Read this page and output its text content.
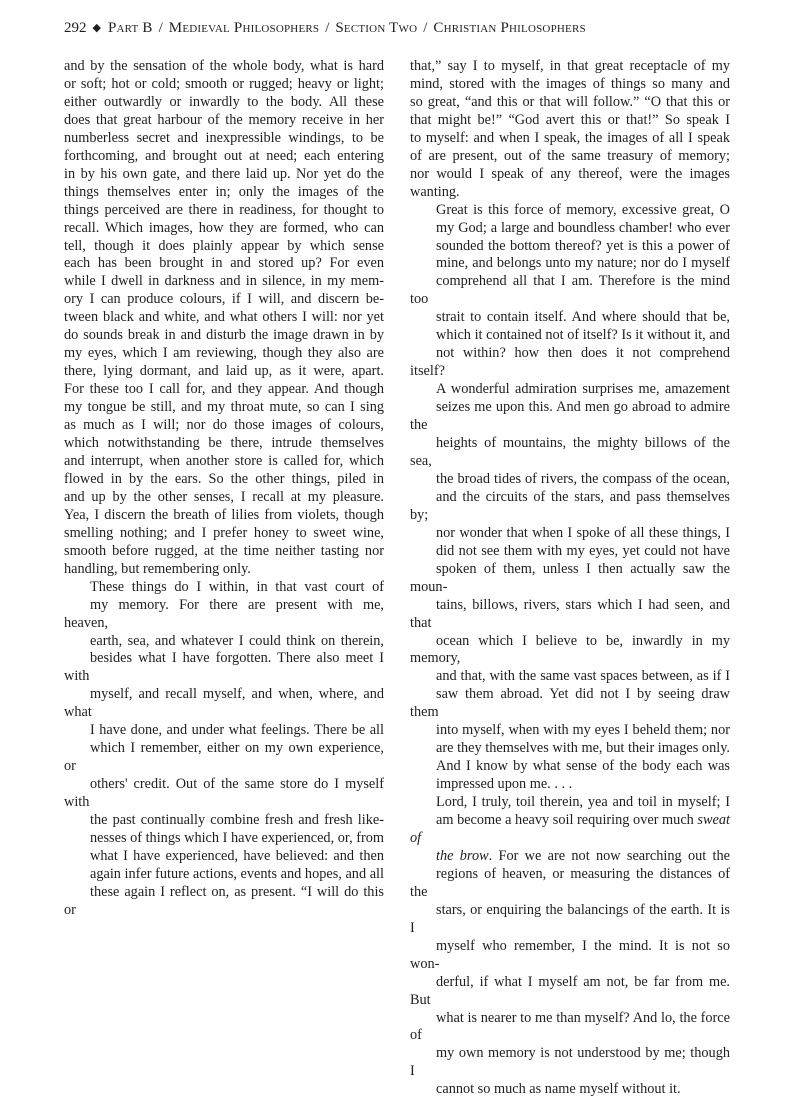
292 ◆ Part B / Medieval Philosophers / Section Two / Christian Philosophers

and by the sensation of the whole body, what is hard
or soft; hot or cold; smooth or rugged; heavy or light;
either outwardly or inwardly to the body. All these
does that great harbour of the memory receive in her
numberless secret and inexpressible windings, to be
forthcoming, and brought out at need; each entering
in by his own gate, and there laid up. Nor yet do the
things themselves enter in; only the images of the
things perceived are there in readiness, for thought to
recall. Which images, how they are formed, who can
tell, though it does plainly appear by which sense
each has been brought in and stored up? For even
while I dwell in darkness and in silence, in my mem-
ory I can produce colours, if I will, and discern be-
tween black and white, and what others I will: nor yet
do sounds break in and disturb the image drawn in by
my eyes, which I am reviewing, though they also are
there, lying dormant, and laid up, as it were, apart.
For these too I call for, and they appear. And though
my tongue be still, and my throat mute, so can I sing
as much as I will; nor do those images of colours,
which notwithstanding be there, intrude themselves
and interrupt, when another store is called for, which
flowed in by the ears. So the other things, piled in
and up by the other senses, I recall at my pleasure.
Yea, I discern the breath of lilies from violets, though
smelling nothing; and I prefer honey to sweet wine,
smooth before rugged, at the time neither tasting nor
handling, but remembering only.

These things do I within, in that vast court of
my memory. For there are present with me, heaven,
earth, sea, and whatever I could think on therein,
besides what I have forgotten. There also meet I with
myself, and recall myself, and when, where, and what
I have done, and under what feelings. There be all
which I remember, either on my own experience, or
others' credit. Out of the same store do I myself with
the past continually combine fresh and fresh like-
nesses of things which I have experienced, or, from
what I have experienced, have believed: and then
again infer future actions, events and hopes, and all
these again I reflect on, as present. “I will do this or

that,” say I to myself, in that great receptacle of my
mind, stored with the images of things so many and
so great, “and this or that will follow.” “O that this or
that might be!” “God avert this or that!” So speak I
to myself: and when I speak, the images of all I speak
of are present, out of the same treasury of memory;
nor would I speak of any thereof, were the images
wanting.

Great is this force of memory, excessive great, O
my God; a large and boundless chamber! who ever
sounded the bottom thereof? yet is this a power of
mine, and belongs unto my nature; nor do I myself
comprehend all that I am. Therefore is the mind too
strait to contain itself. And where should that be,
which it contained not of itself? Is it without it, and
not within? how then does it not comprehend itself?
A wonderful admiration surprises me, amazement
seizes me upon this. And men go abroad to admire the
heights of mountains, the mighty billows of the sea,
the broad tides of rivers, the compass of the ocean,
and the circuits of the stars, and pass themselves by;
nor wonder that when I spoke of all these things, I
did not see them with my eyes, yet could not have
spoken of them, unless I then actually saw the moun-
tains, billows, rivers, stars which I had seen, and that
ocean which I believe to be, inwardly in my memory,
and that, with the same vast spaces between, as if I
saw them abroad. Yet did not I by seeing draw them
into myself, when with my eyes I beheld them; nor
are they themselves with me, but their images only.
And I know by what sense of the body each was
impressed upon me. . . .

Lord, I truly, toil therein, yea and toil in myself; I
am become a heavy soil requiring over much sweat of
the brow. For we are not now searching out the
regions of heaven, or measuring the distances of the
stars, or enquiring the balancings of the earth. It is I
myself who remember, I the mind. It is not so won-
derful, if what I myself am not, be far from me. But
what is nearer to me than myself? And lo, the force of
my own memory is not understood by me; though I
cannot so much as name myself without it.
